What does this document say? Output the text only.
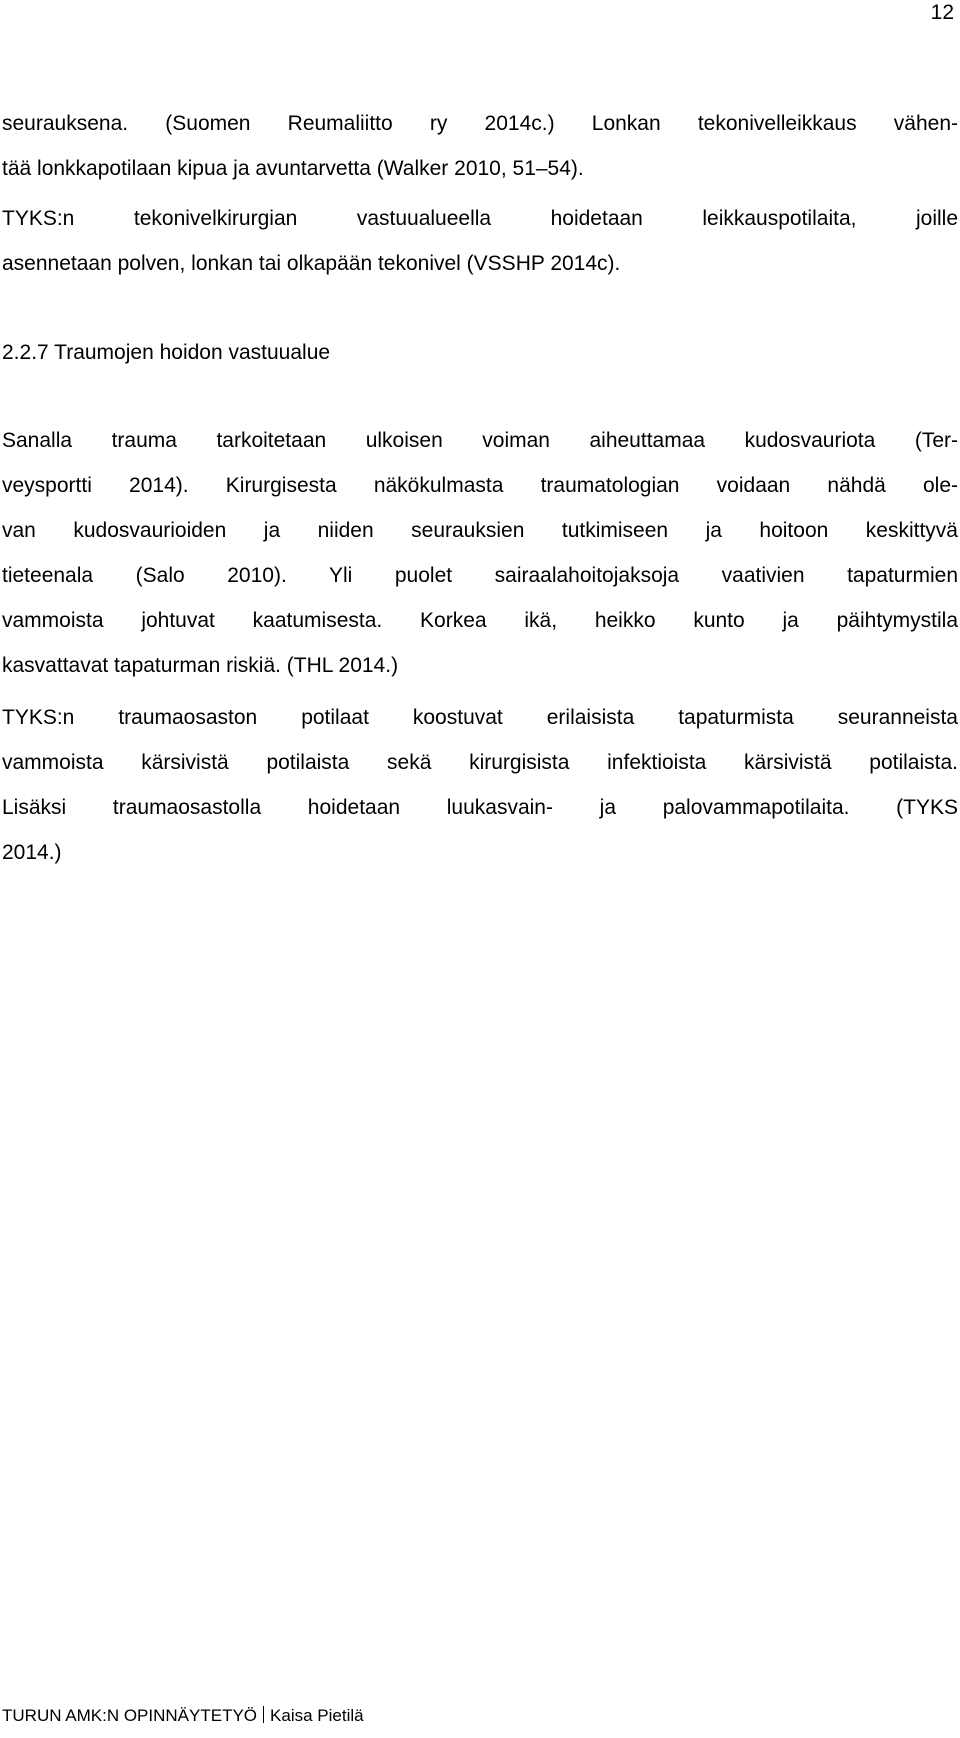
12
seurauksena. (Suomen Reumaliitto ry 2014c.) Lonkan tekonivelleikkaus vähen-
tää lonkkapotilaan kipua ja avuntarvetta (Walker 2010, 51–54).
TYKS:n tekonivelkirurgian vastuualueella hoidetaan leikkauspotilaita, joille
asennetaan polven, lonkan tai olkapään tekonivel (VSSHP 2014c).
2.2.7 Traumojen hoidon vastuualue
Sanalla trauma tarkoitetaan ulkoisen voiman aiheuttamaa kudosvauriota (Ter-
veysportti 2014). Kirurgisesta näkökulmasta traumatologian voidaan nähdä ole-
van kudosvaurioiden ja niiden seurauksien tutkimiseen ja hoitoon keskittyvä
tieteenala (Salo 2010). Yli puolet sairaalahoitojaksoja vaativien tapaturmien
vammoista johtuvat kaatumisesta. Korkea ikä, heikko kunto ja päihtymystila
kasvattavat tapaturman riskiä. (THL 2014.)
TYKS:n traumaosaston potilaat koostuvat erilaisista tapaturmista seuranneista
vammoista kärsivistä potilaista sekä kirurgisista infektioista kärsivistä potilaista.
Lisäksi traumaosastolla hoidetaan luukasvain- ja palovammapotilaita. (TYKS
2014.)
TURUN AMK:N OPINNÄYTETYÖ Kaisa Pietilä
